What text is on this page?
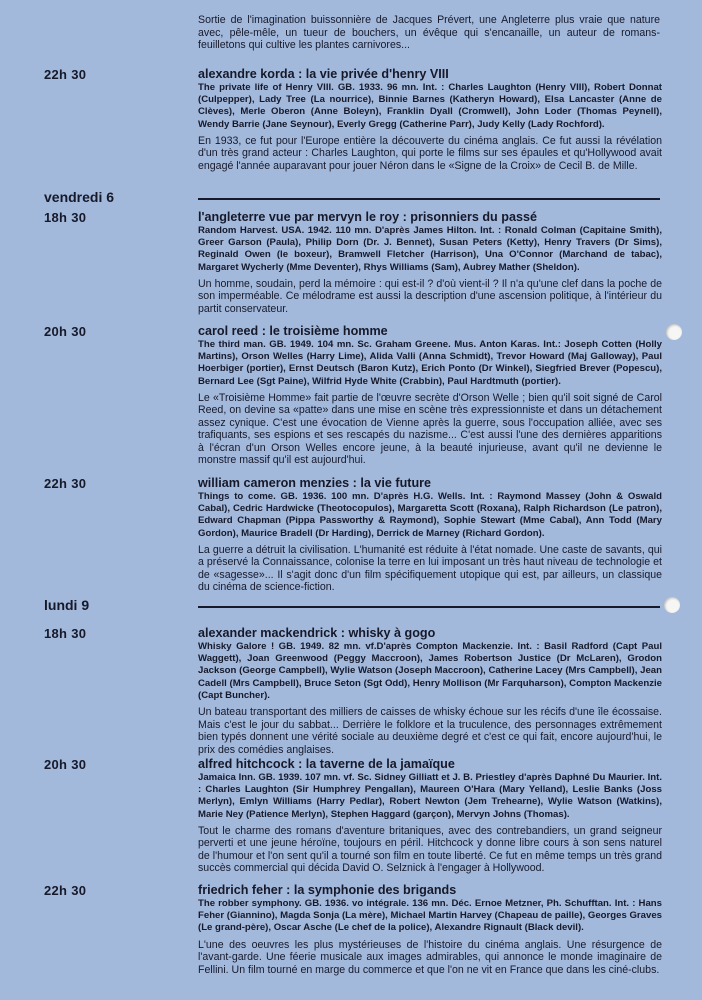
Sortie de l'imagination buissonnière de Jacques Prévert, une Angleterre plus vraie que nature avec, pêle-mêle, un tueur de bouchers, un évêque qui s'encanaille, un auteur de romans-feuilletons qui cultive les plantes carnivores...

22h 30	alexandre korda : la vie privée d'henry VIII

The private life of Henry VIII. GB. 1933. 96 mn. Int. : Charles Laughton (Henry VIII), Robert Donnat (Culpepper), Lady Tree (La nourrice), Binnie Barnes (Katheryn Howard), Elsa Lancaster (Anne de Clèves), Merle Oberon (Anne Boleyn), Franklin Dyall (Cromwell), John Loder (Thomas Peynell), Wendy Barrie (Jane Seynour), Everly Gregg (Catherine Parr), Judy Kelly (Lady Rochford).

En 1933, ce fut pour l'Europe entière la découverte du cinéma anglais. Ce fut aussi la révélation d'un très grand acteur : Charles Laughton, qui porte le films sur ses épaules et qu'Hollywood avait engagé l'année auparavant pour jouer Néron dans le «Signe de la Croix» de Cecil B. de Mille.

vendredi 6
18h 30	l'angleterre vue par mervyn le roy : prisonniers du passé

Random Harvest. USA. 1942. 110 mn. D'après James Hilton. Int. : Ronald Colman (Capitaine Smith), Greer Garson (Paula), Philip Dorn (Dr. J. Bennet), Susan Peters (Ketty), Henry Travers (Dr Sims), Reginald Owen (le boxeur), Bramwell Fletcher (Harrison), Una O'Connor (Marchand de tabac), Margaret Wycherly (Mme Deventer), Rhys Williams (Sam), Aubrey Mather (Sheldon).

Un homme, soudain, perd la mémoire : qui est-il ? d'où vient-il ? Il n'a qu'une clef dans la poche de son imperméable. Ce mélodrame est aussi la description d'une ascension politique, à l'intérieur du partit conservateur.

20h 30	carol reed : le troisième homme

The third man. GB. 1949. 104 mn. Sc. Graham Greene. Mus. Anton Karas. Int.: Joseph Cotten (Holly Martins), Orson Welles (Harry Lime), Alida Valli (Anna Schmidt), Trevor Howard (Maj Galloway), Paul Hoerbiger (portier), Ernst Deutsch (Baron Kutz), Erich Ponto (Dr Winkel), Siegfried Brever (Popescu), Bernard Lee (Sgt Paine), Wilfrid Hyde White (Crabbin), Paul Hardtmuth (portier).

Le «Troisième Homme» fait partie de l'œuvre secrète d'Orson Welle ; bien qu'il soit signé de Carol Reed, on devine sa «patte» dans une mise en scène très expressionniste et dans un détachement assez cynique. C'est une évocation de Vienne après la guerre, sous l'occupation alliée, avec ses trafiquants, ses espions et ses rescapés du nazisme... C'est aussi l'une des dernières apparitions à l'écran d'un Orson Welles encore jeune, à la beauté injurieuse, avant qu'il ne devienne le monstre massif qu'il est aujourd'hui.

22h 30	william cameron menzies : la vie future

Things to come. GB. 1936. 100 mn. D'après H.G. Wells. Int. : Raymond Massey (John & Oswald Cabal), Cedric Hardwicke (Theotocopulos), Margaretta Scott (Roxana), Ralph Richardson (Le patron), Edward Chapman (Pippa Passworthy & Raymond), Sophie Stewart (Mme Cabal), Ann Todd (Mary Gordon), Maurice Bradell (Dr Harding), Derrick de Marney (Richard Gordon).

La guerre a détruit la civilisation. L'humanité est réduite à l'état nomade. Une caste de savants, qui a préservé la Connaissance, colonise la terre en lui imposant un très haut niveau de technologie et de «sagesse»... Il s'agit donc d'un film spécifiquement utopique qui est, par ailleurs, un classique du cinéma de science-fiction.

lundi 9
18h 30	alexander mackendrick : whisky à gogo

Whisky Galore ! GB. 1949. 82 mn. vf.D'après Compton Mackenzie. Int. : Basil Radford (Capt Paul Waggett), Joan Greenwood (Peggy Maccroon), James Robertson Justice (Dr McLaren), Grodon Jackson (George Campbell), Wylie Watson (Joseph Maccroon), Catherine Lacey (Mrs Campbell), Jean Cadell (Mrs Campbell), Bruce Seton (Sgt Odd), Henry Mollison (Mr Farquharson), Compton Mackenzie (Capt Buncher).

Un bateau transportant des milliers de caisses de whisky échoue sur les récifs d'une île écossaise. Mais c'est le jour du sabbat... Derrière le folklore et la truculence, des personnages extrêmement bien typés donnent une vérité sociale au deuxième degré et c'est ce qui fait, encore aujourd'hui, le prix des comédies anglaises.

20h 30	alfred hitchcock : la taverne de la jamaïque

Jamaica Inn. GB. 1939. 107 mn. vf. Sc. Sidney Gilliatt et J. B. Priestley d'après Daphné Du Maurier. Int. : Charles Laughton (Sir Humphrey Pengallan), Maureen O'Hara (Mary Yelland), Leslie Banks (Joss Merlyn), Emlyn Williams (Harry Pedlar), Robert Newton (Jem Trehearne), Wylie Watson (Watkins), Marie Ney (Patience Merlyn), Stephen Haggard (garçon), Mervyn Johns (Thomas).

Tout le charme des romans d'aventure britaniques, avec des contrebandiers, un grand seigneur perverti et une jeune héroïne, toujours en péril. Hitchcock y donne libre cours à son sens naturel de l'humour et l'on sent qu'il a tourné son film en toute liberté. Ce fut en même temps un très grand succès commercial qui décida David O. Selznick à l'engager à Hollywood.

22h 30	friedrich feher : la symphonie des brigands

The robber symphony. GB. 1936. vo intégrale. 136 mn. Déc. Ernoe Metzner, Ph. Schufftan. Int. : Hans Feher (Giannino), Magda Sonja (La mère), Michael Martin Harvey (Chapeau de paille), Georges Graves (Le grand-père), Oscar Asche (Le chef de la police), Alexandre Rignault (Black devil).

L'une des oeuvres les plus mystérieuses de l'histoire du cinéma anglais. Une résurgence de l'avant-garde. Une féerie musicale aux images admirables, qui annonce le monde imaginaire de Fellini. Un film tourné en marge du commerce et que l'on ne vit en France que dans les ciné-clubs.
